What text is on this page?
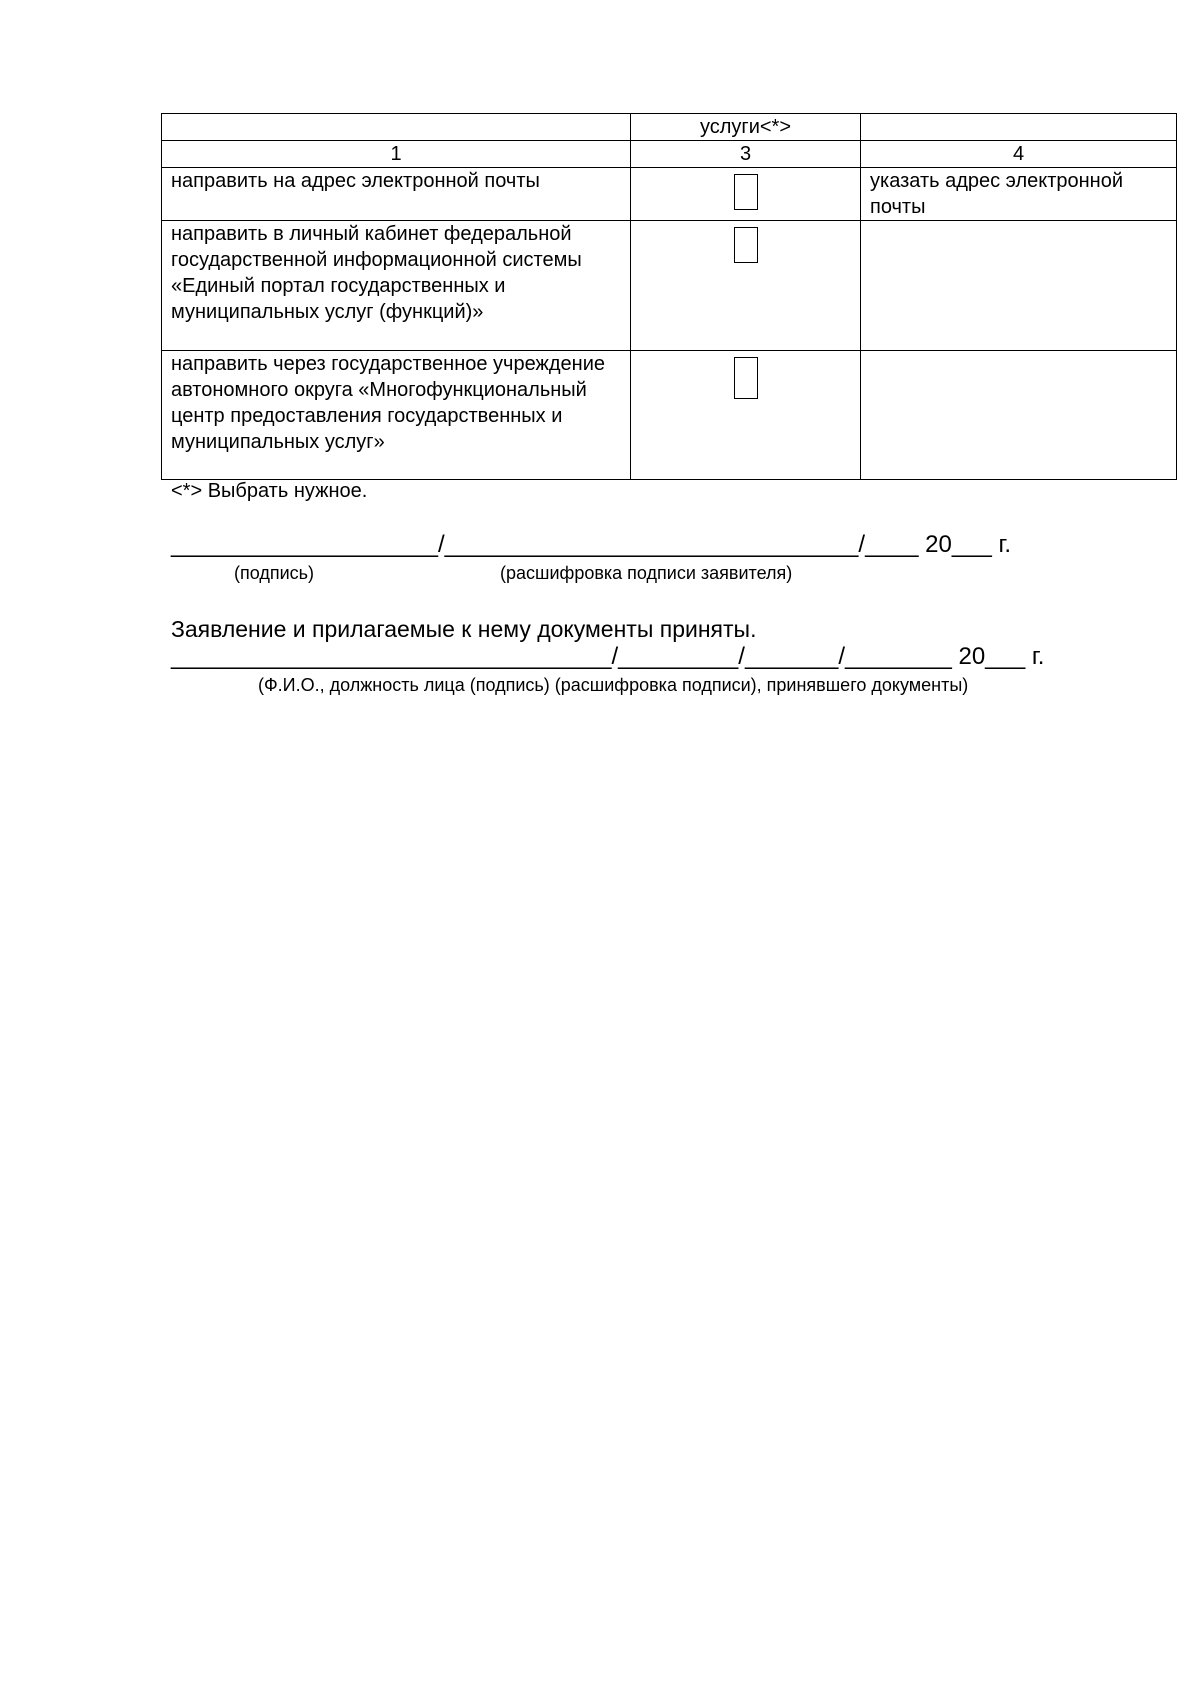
	услуги<*>	
1	3	4
направить на адрес электронной почты		указать адрес электронной почты
направить в личный кабинет федеральной государственной информационной системы «Единый портал государственных и муниципальных услуг (функций)»		
направить через государственное учреждение автономного округа «Многофункциональный центр предоставления государственных и муниципальных услуг»		
<*> Выбрать нужное.
____________________/_______________________________/____ 20___ г.
(подпись)	(расшифровка подписи заявителя)
Заявление и прилагаемые к нему документы приняты.
_________________________________/_________/_______/________ 20___ г.
(Ф.И.О., должность лица (подпись) (расшифровка подписи), принявшего документы)
